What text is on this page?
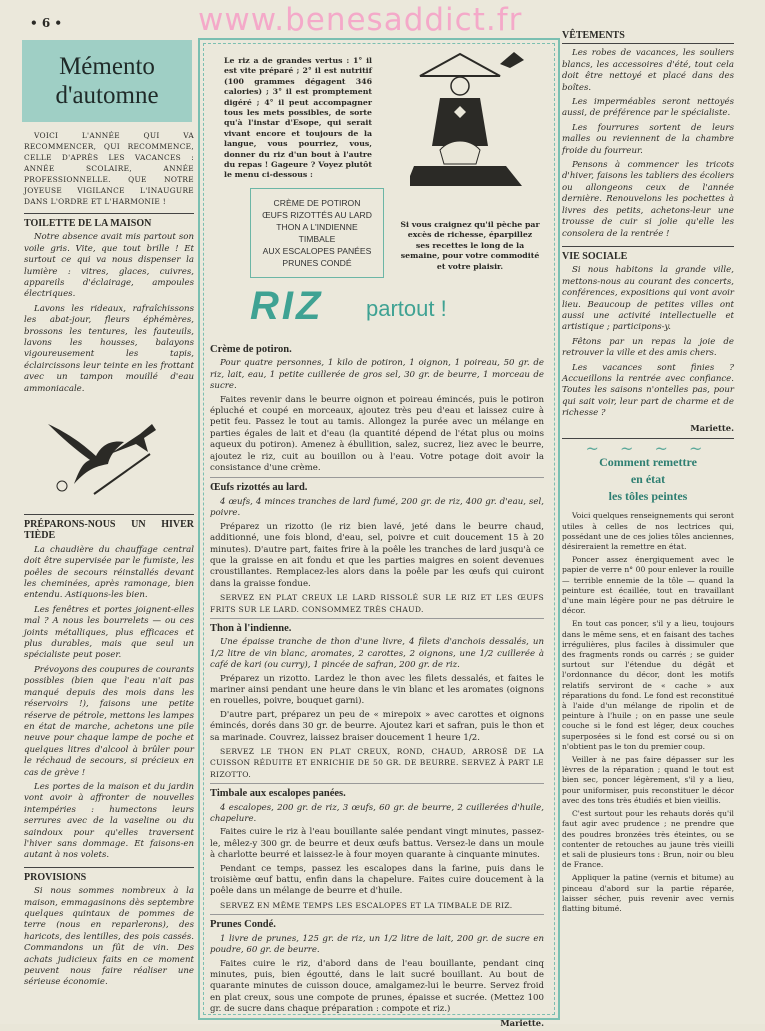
www.benesaddict.fr
• 6 •
Mémento
d'automne

VOICI L'ANNÉE QUI VA RECOMMENCER, QUI RECOMMENCE, CELLE D'APRÈS LES VACANCES : ANNÉE SCOLAIRE, ANNÉE PROFESSIONNELLE. QUE NOTRE JOYEUSE VIGILANCE L'INAUGURE DANS L'ORDRE ET L'HARMONIE !

TOILETTE DE LA MAISON

Notre absence avait mis partout son voile gris. Vite, que tout brille ! Et surtout ce qui va nous dispenser la lumière : vitres, glaces, cuivres, appareils d'éclairage, ampoules électriques.

Lavons les rideaux, rafraîchissons les abat-jour, fleurs éphémères, brossons les tentures, les fauteuils, lavons les housses, balayons vigoureusement les tapis, éclaircissons leur teinte en les frottant avec un tampon mouillé d'eau ammoniacale.

PRÉPARONS-NOUS UN HIVER TIÈDE

La chaudière du chauffage central doit être supervisée par le fumiste, les poêles de secours réinstallés devant les cheminées, après ramonage, bien entendu. Astiquons-les bien.

Les fenêtres et portes joignent-elles mal ? A nous les bourrelets — ou ces joints métalliques, plus efficaces et plus durables, mais que seul un spécialiste peut poser.

Prévoyons des coupures de courants possibles (bien que l'eau n'ait pas manqué depuis des mois dans les réservoirs !), faisons une petite réserve de pétrole, mettons les lampes en état de marche, achetons une pile neuve pour chaque lampe de poche et quelques litres d'alcool à brûler pour le réchaud de secours, si précieux en cas de grève !

Les portes de la maison et du jardin vont avoir à affronter de nouvelles intempéries : humectons leurs serrures avec de la vaseline ou du saindoux pour qu'elles traversent l'hiver sans dommage. Et faisons-en autant à nos volets.

PROVISIONS

Si nous sommes nombreux à la maison, emmagasinons dès septembre quelques quintaux de pommes de terre (nous en reparlerons), des haricots, des lentilles, des pois cassés. Commandons un fût de vin. Des achats judicieux faits en ce moment peuvent nous faire réaliser une sérieuse économie.

Le riz a de grandes vertus : 1° il est vite préparé ; 2° il est nutritif (100 grammes dégagent 346 calories) ; 3° il est promptement digéré ; 4° il peut accompagner tous les mets possibles, de sorte qu'à l'instar d'Esope, qui serait vivant encore et toujours de la langue, vous pourriez, vous, donner du riz d'un bout à l'autre du repas ! Gageure ? Voyez plutôt le menu ci-dessous :
CRÈME DE POTIRON
ŒUFS RIZOTTÉS AU LARD
THON A L'INDIENNE
TIMBALE
AUX ESCALOPES PANÉES
PRUNES CONDÉ
Si vous craignez qu'il pèche par excès de richesse, éparpillez ses recettes le long de la semaine, pour votre commodité et votre plaisir.
RIZ partout !
Crème de potiron.

Pour quatre personnes, 1 kilo de potiron, 1 oignon, 1 poireau, 50 gr. de riz, lait, eau, 1 petite cuillerée de gros sel, 30 gr. de beurre, 1 morceau de sucre.

Faites revenir dans le beurre oignon et poireau émincés, puis le potiron épluché et coupé en morceaux, ajoutez très peu d'eau et laissez cuire à petit feu. Passez le tout au tamis. Allongez la purée avec un mélange en parties égales de lait et d'eau (la quantité dépend de l'état plus ou moins aqueux du potiron). Amenez à ébullition, salez, sucrez, liez avec le beurre, ajoutez le riz, cuit au bouillon ou à l'eau. Votre potage doit avoir la consistance d'une crème.

Œufs rizottés au lard.

4 œufs, 4 minces tranches de lard fumé, 200 gr. de riz, 400 gr. d'eau, sel, poivre.

Préparez un rizotto (le riz bien lavé, jeté dans le beurre chaud, additionné, une fois blond, d'eau, sel, poivre et cuit doucement 15 à 20 minutes). D'autre part, faites frire à la poêle les tranches de lard jusqu'à ce que la graisse en ait fondu et que les parties maigres en soient devenues croustillantes. Remplacez-les alors dans la poêle par les œufs qui cuiront dans la graisse fondue.

SERVEZ EN PLAT CREUX LE LARD RISSOLÉ SUR LE RIZ ET LES ŒUFS FRITS SUR LE LARD. CONSOMMEZ TRÈS CHAUD.

Thon à l'indienne.

Une épaisse tranche de thon d'une livre, 4 filets d'anchois dessalés, un 1/2 litre de vin blanc, aromates, 2 carottes, 2 oignons, une 1/2 cuillerée à café de kari (ou curry), 1 pincée de safran, 200 gr. de riz.

Préparez un rizotto. Lardez le thon avec les filets dessalés, et faites le mariner ainsi pendant une heure dans le vin blanc et les aromates (oignons en rouelles, poivre, bouquet garni).

D'autre part, préparez un peu de « mirepoix » avec carottes et oignons émincés, dorés dans 30 gr. de beurre. Ajoutez kari et safran, puis le thon et sa marinade. Couvrez, laissez braiser doucement 1 heure 1/2.

SERVEZ LE THON EN PLAT CREUX, ROND, CHAUD, ARROSÉ DE LA CUISSON RÉDUITE ET ENRICHIE DE 50 GR. DE BEURRE. SERVEZ À PART LE RIZOTTO.

Timbale aux escalopes panées.

4 escalopes, 200 gr. de riz, 3 œufs, 60 gr. de beurre, 2 cuillerées d'huile, chapelure.

Faites cuire le riz à l'eau bouillante salée pendant vingt minutes, passez-le, mêlez-y 300 gr. de beurre et deux œufs battus. Versez-le dans un moule à charlotte beurré et laissez-le à four moyen quarante à cinquante minutes.

Pendant ce temps, passez les escalopes dans la farine, puis dans le troisième œuf battu, enfin dans la chapelure. Faites cuire doucement à la poêle dans un mélange de beurre et d'huile.

SERVEZ EN MÊME TEMPS LES ESCALOPES ET LA TIMBALE DE RIZ.

Prunes Condé.

1 livre de prunes, 125 gr. de riz, un 1/2 litre de lait, 200 gr. de sucre en poudre, 60 gr. de beurre.

Faites cuire le riz, d'abord dans de l'eau bouillante, pendant cinq minutes, puis, bien égoutté, dans le lait sucré bouillant. Au bout de quarante minutes de cuisson douce, amalgamez-lui le beurre. Servez froid en plat creux, sous une compote de prunes, épaisse et sucrée. (Mettez 100 gr. de sucre dans chaque préparation : compote et riz.)

Mariette.

VÊTEMENTS

Les robes de vacances, les souliers blancs, les accessoires d'été, tout cela doit être nettoyé et placé dans des boîtes.

Les imperméables seront nettoyés aussi, de préférence par le spécialiste.

Les fourrures sortent de leurs malles ou reviennent de la chambre froide du fourreur.

Pensons à commencer les tricots d'hiver, faisons les tabliers des écoliers ou allongeons ceux de l'année dernière. Renouvelons les pochettes à livres des petits, achetons-leur une trousse de cuir si jolie qu'elle les consolera de la rentrée !

VIE SOCIALE

Si nous habitons la grande ville, mettons-nous au courant des concerts, conférences, expositions qui vont avoir lieu. Beaucoup de petites villes ont aussi une activité intellectuelle et artistique ; participons-y.

Fêtons par un repas la joie de retrouver la ville et des amis chers.

Les vacances sont finies ? Accueillons la rentrée avec confiance. Toutes les saisons n'ontelles pas, pour qui sait voir, leur part de charme et de richesse ?

Mariette.

~ ~ ~ ~
Comment remettre
en état
les tôles peintes

Voici quelques renseignements qui seront utiles à celles de nos lectrices qui, possédant une de ces jolies tôles anciennes, désireraient la remettre en état.

Poncer assez énergiquement avec le papier de verre n° 00 pour enlever la rouille — terrible ennemie de la tôle — quand la peinture est écaillée, tout en travaillant d'une main légère pour ne pas détruire le décor.

En tout cas poncer, s'il y a lieu, toujours dans le même sens, et en faisant des taches irrégulières, plus faciles à dissimuler que des fragments ronds ou carrés ; se guider surtout sur l'étendue du dégât et l'ordonnance du décor, dont les motifs relatifs serviront de « cache » aux réparations du fond. Le fond est reconstitué à l'aide d'un mélange de ripolin et de peinture à l'huile ; on en passe une seule couche si le fond est léger, deux couches superposées si le fond est corsé ou si on n'obtient pas le ton du premier coup.

Veiller à ne pas faire dépasser sur les lèvres de la réparation ; quand le tout est bien sec, poncer légèrement, s'il y a lieu, pour uniformiser, puis reconstituer le décor avec des tons très étudiés et bien vieillis.

C'est surtout pour les rehauts dorés qu'il faut agir avec prudence ; ne prendre que des poudres bronzées très éteintes, ou se contenter de retouches au jaune très vieilli et sali de plusieurs tons : Brun, noir ou bleu de France.

Appliquer la patine (vernis et bitume) au pinceau d'abord sur la partie réparée, laisser sécher, puis revenir avec vernis flatting bitumé.
